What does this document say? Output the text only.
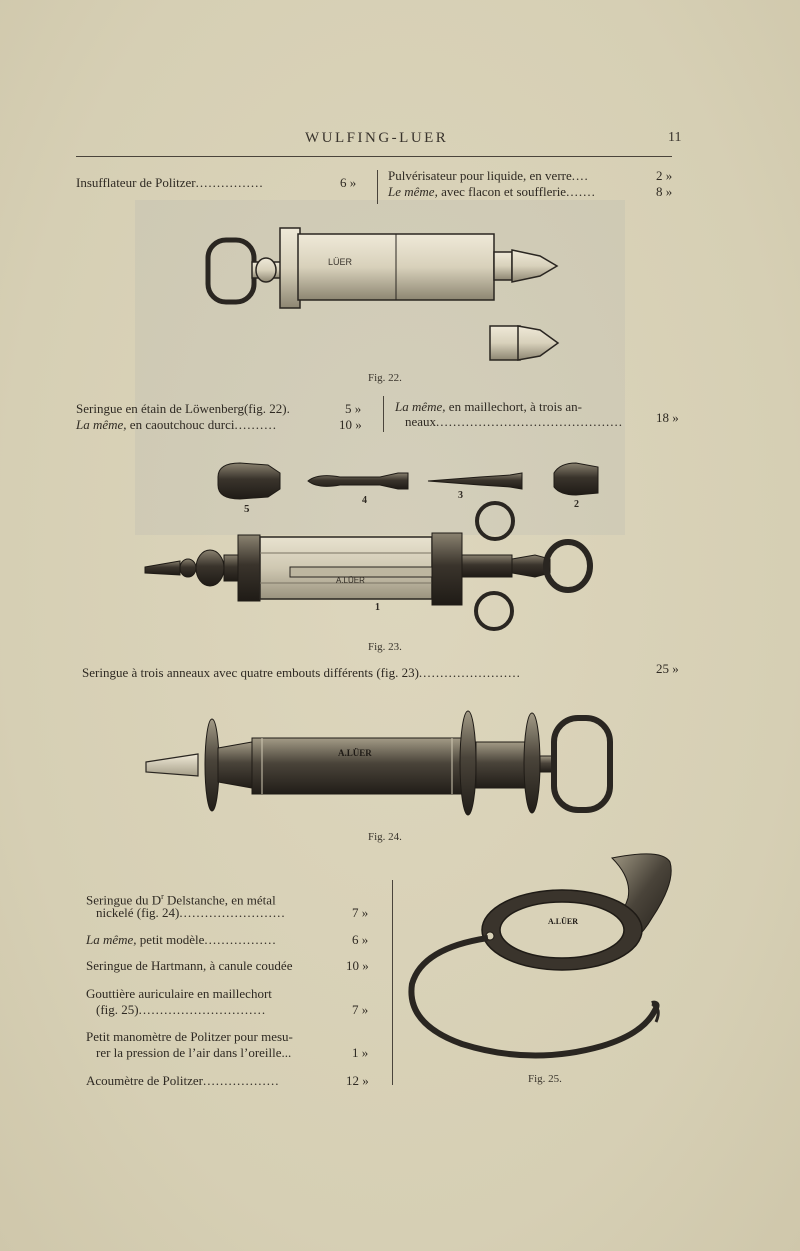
WULFING-LUER	11
Insufflateur de Politzer................	6 » Pulvérisateur pour liquide, en verre....	2 »
Le même, avec flacon et soufflerie.......	8 »
LÜER
Fig. 22.
Seringue en étain de Löwenberg(fig. 22).	5 »
La même, en caoutchouc durci..........	10 »
La même, en maillechort, à trois an-
neaux............................................	18 »
5
4	3
2
A.LÜER
1
Fig. 23.
Seringue à trois anneaux avec quatre embouts différents (fig. 23)........................	25 »
A.LÜER
Fig. 24.
Seringue du $D^r$ Delstanche, en métal
nickelé (fig. 24).........................	7 »
La même, petit modèle.................	6 »
Seringue de Hartmann, à canule coudée	10 »
Gouttière auriculaire en maillechort
(fig. 25)..............................	7 »
Petit manomètre de Politzer pour mesu-
rer la pression de l’air dans l’oreille...	1 »
Acoumètre de Politzer..................	12 »
A.LÜER
Fig. 25.
